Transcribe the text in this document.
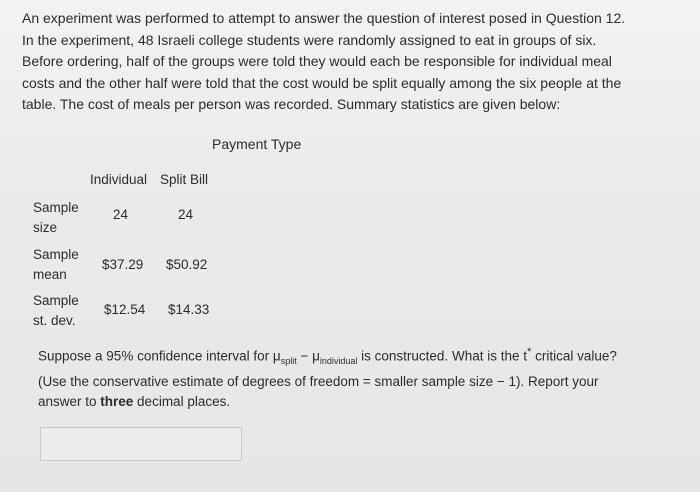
An experiment was performed to attempt to answer the question of interest posed in Question 12.
In the experiment, 48 Israeli college students were randomly assigned to eat in groups of six.
Before ordering, half of the groups were told they would each be responsible for individual meal
costs and the other half were told that the cost would be split equally among the six people at the
table. The cost of meals per person was recorded. Summary statistics are given below:
Payment Type
Individual Split Bill
Sample
size
24	24
Sample
mean
$37.29 $50.92
Sample
st. dev.
$12.54 $14.33
Suppose a 95% confidence interval for $\mu_{split} - \mu_{individual}$ is constructed. What is the t* critical value?
(Use the conservative estimate of degrees of freedom = smaller sample size − 1). Report your
answer to three decimal places.
